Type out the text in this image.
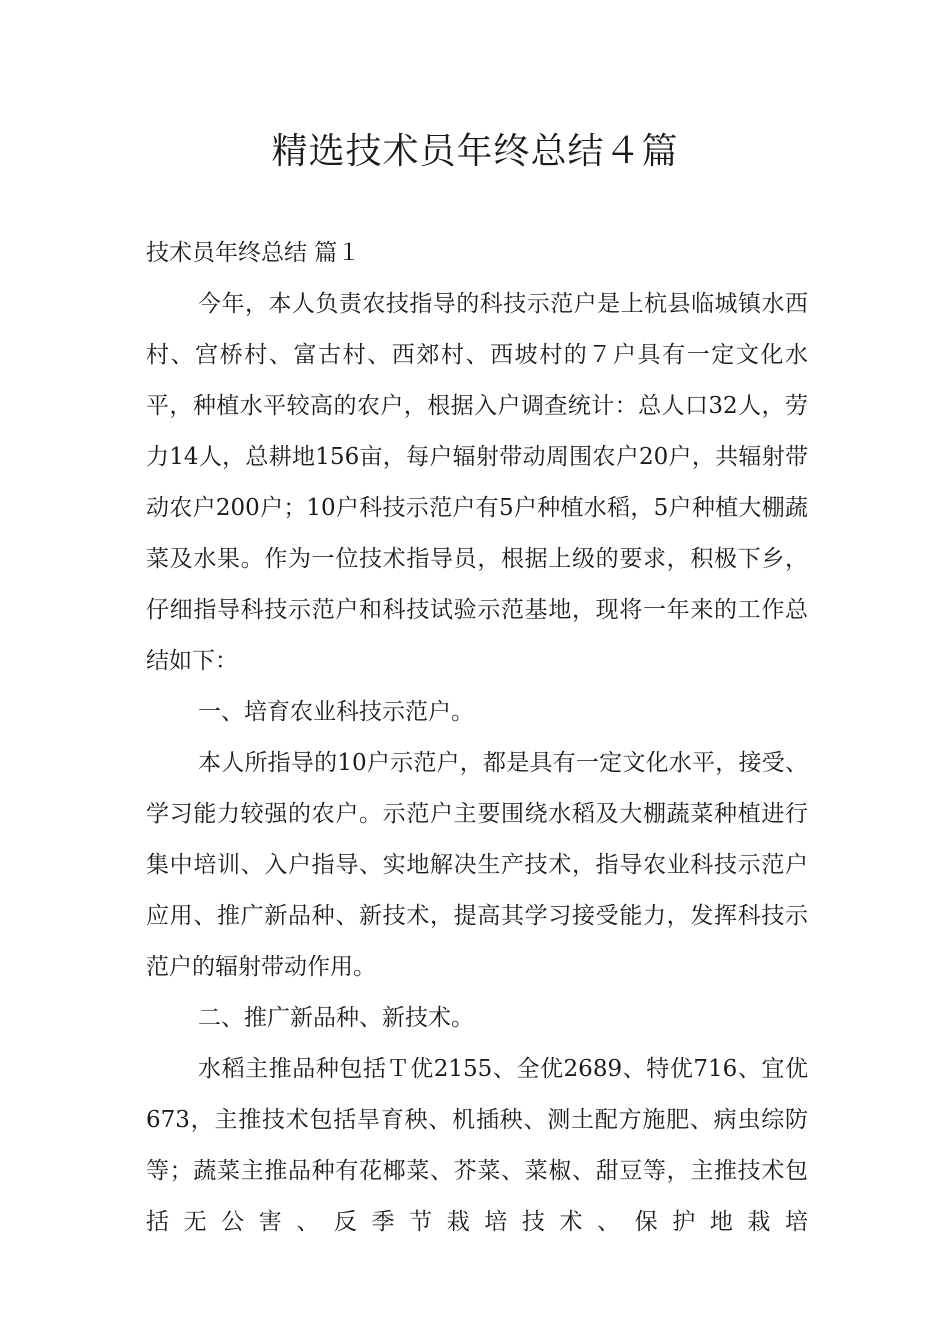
精选技术员年终总结４篇

技术员年终总结 篇１

今年，本人负责农技指导的科技示范户是上杭县临城镇水西村、宫桥村、富古村、西郊村、西坡村的７户具有一定文化水平，种植水平较高的农户，根据入户调查统计：总人口32人，劳力14人，总耕地156亩，每户辐射带动周围农户20户，共辐射带动农户200户；10户科技示范户有5户种植水稻，5户种植大棚蔬菜及水果。作为一位技术指导员，根据上级的要求，积极下乡，仔细指导科技示范户和科技试验示范基地，现将一年来的工作总结如下：

一、培育农业科技示范户。

本人所指导的10户示范户，都是具有一定文化水平，接受、学习能力较强的农户。示范户主要围绕水稻及大棚蔬菜种植进行集中培训、入户指导、实地解决生产技术，指导农业科技示范户应用、推广新品种、新技术，提高其学习接受能力，发挥科技示范户的辐射带动作用。

二、推广新品种、新技术。

水稻主推品种包括Ｔ优2155、全优2689、特优716、宜优673，主推技术包括旱育秧、机插秧、测土配方施肥、病虫综防等；蔬菜主推品种有花椰菜、芥菜、菜椒、甜豆等，主推技术包括无公害、反季节栽培技术、保护地栽培
